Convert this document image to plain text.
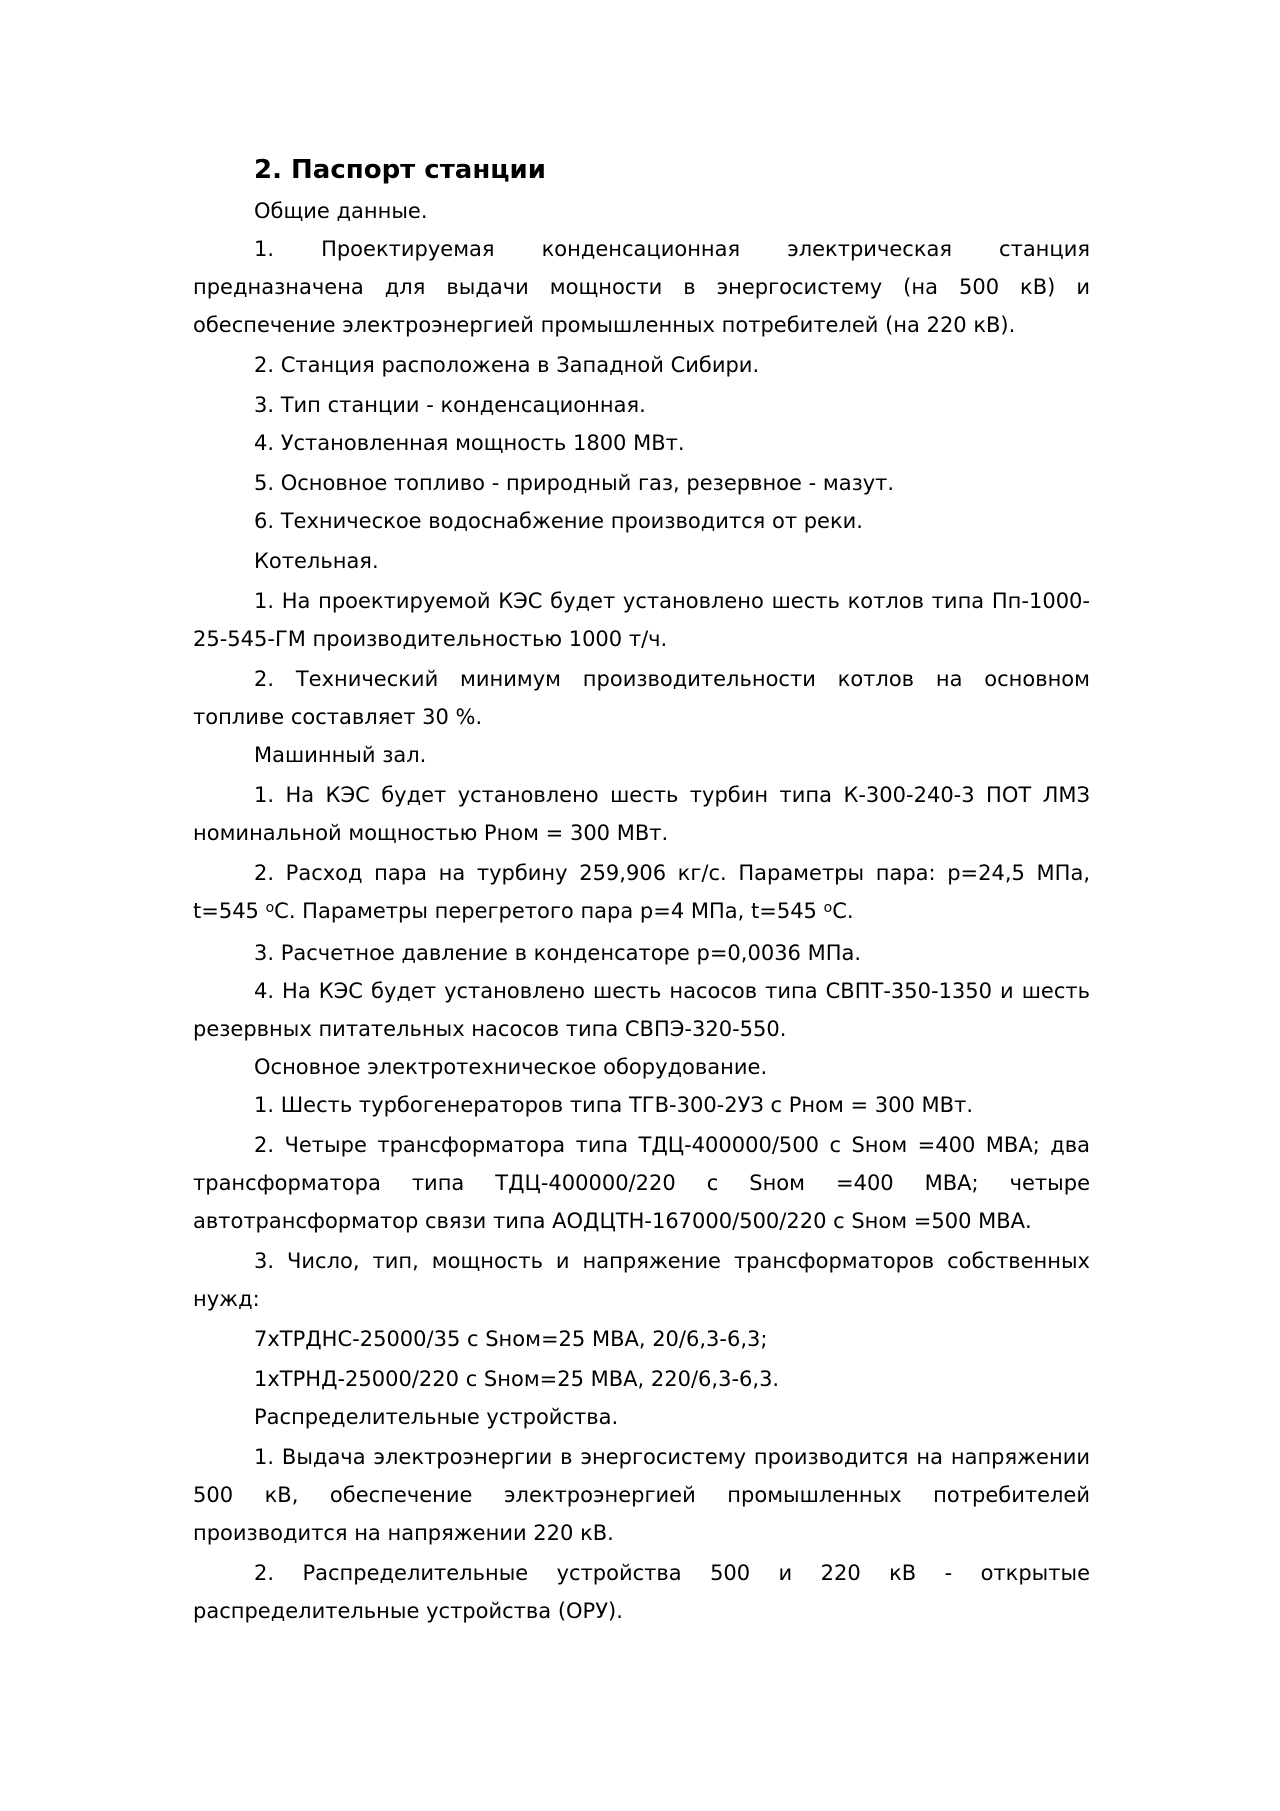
2. Паспорт станции

Общие данные.

1. Проектируемая конденсационная электрическая станция предназначена для выдачи мощности в энергосистему (на 500 кВ) и обеспечение электроэнергией промышленных потребителей (на 220 кВ).

2. Станция расположена в Западной Сибири.

3. Тип станции - конденсационная.

4. Установленная мощность 1800 МВт.

5. Основное топливо - природный газ, резервное - мазут.

6. Техническое водоснабжение производится от реки.

Котельная.

1. На проектируемой КЭС будет установлено шесть котлов типа Пп-1000-25-545-ГМ производительностью 1000 т/ч.

2. Технический минимум производительности котлов на основном топливе составляет 30 %.

Машинный зал.

1. На КЭС будет установлено шесть турбин типа К-300-240-3 ПОТ ЛМЗ номинальной мощностью Рном = 300 МВт.

2. Расход пара на турбину 259,906 кг/с. Параметры пара: p=24,5 МПа, t=545 $^о$С. Параметры перегретого пара p=4 МПа, t=545 $^о$С.

3. Расчетное давление в конденсаторе p=0,0036 МПа.

4. На КЭС будет установлено шесть насосов типа СВПТ-350-1350 и шесть резервных питательных насосов типа СВПЭ-320-550.

Основное электротехническое оборудование.

1. Шесть турбогенераторов типа ТГВ-300-2УЗ с Рном = 300 МВт.

2. Четыре трансформатора типа ТДЦ-400000/500 с Sном =400 МВА; два трансформатора типа ТДЦ-400000/220 с Sном =400 МВА; четыре автотрансформатор связи типа АОДЦТН-167000/500/220 с Sном =500 МВА.

3. Число, тип, мощность и напряжение трансформаторов собственных нужд:

7хТРДНС-25000/35 с Sном=25 МВА, 20/6,3-6,3;

1хТРНД-25000/220 с Sном=25 МВА, 220/6,3-6,3.

Распределительные устройства.

1. Выдача электроэнергии в энергосистему производится на напряжении 500 кВ, обеспечение электроэнергией промышленных потребителей производится на напряжении 220 кВ.

2. Распределительные устройства 500 и 220 кВ - открытые распределительные устройства (ОРУ).
